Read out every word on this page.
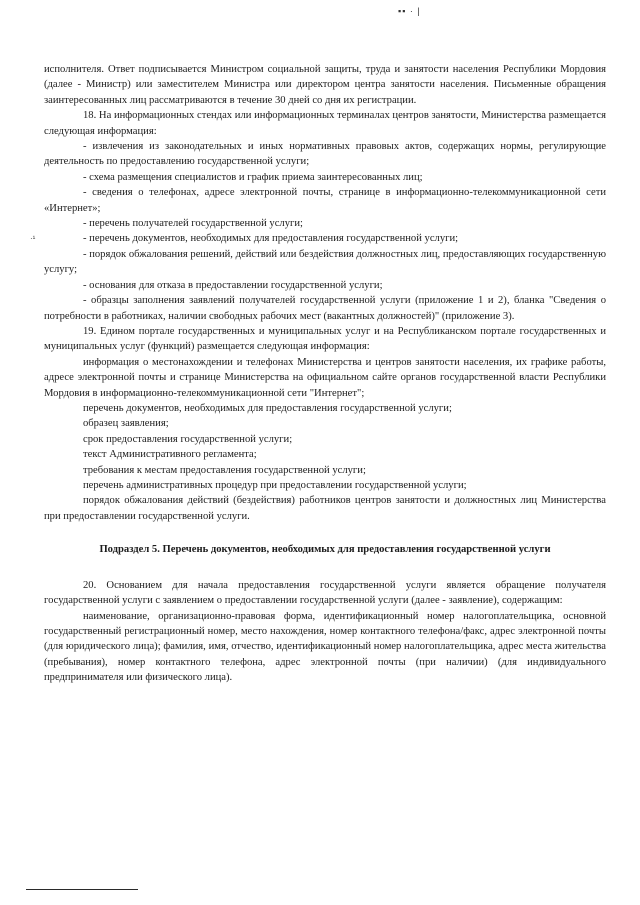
▪▪ · |
·¹

исполнителя. Ответ подписывается Министром социальной защиты, труда и занятости населения Республики Мордовия (далее - Министр) или заместителем Министра или директором центра занятости населения. Письменные обращения заинтересованных лиц рассматриваются в течение 30 дней со дня их регистрации.

18. На информационных стендах или информационных терминалах центров занятости, Министерства размещается следующая информация:

- извлечения из законодательных и иных нормативных правовых актов, содержащих нормы, регулирующие деятельность по предоставлению государственной услуги;

- схема размещения специалистов и график приема заинтересованных лиц;

- сведения о телефонах, адресе электронной почты, странице в информационно-телекоммуникационной сети «Интернет»;

- перечень получателей государственной услуги;

- перечень документов, необходимых для предоставления государственной услуги;

- порядок обжалования решений, действий или бездействия должностных лиц, предоставляющих государственную услугу;

- основания для отказа в предоставлении государственной услуги;

- образцы заполнения заявлений получателей государственной услуги (приложение 1 и 2), бланка "Сведения о потребности в работниках, наличии свободных рабочих мест (вакантных должностей)" (приложение 3).

19. Едином портале государственных и муниципальных услуг и на Республиканском портале государственных и муниципальных услуг (функций) размещается следующая информация:

информация о местонахождении и телефонах Министерства и центров занятости населения, их графике работы, адресе электронной почты и странице Министерства на официальном сайте органов государственной власти Республики Мордовия в информационно-телекоммуникационной сети "Интернет";

перечень документов, необходимых для предоставления государственной услуги;

образец заявления;

срок предоставления государственной услуги;

текст Административного регламента;

требования к местам предоставления государственной услуги;

перечень административных процедур при предоставлении государственной услуги;

порядок обжалования действий (бездействия) работников центров занятости и должностных лиц Министерства при предоставлении государственной услуги.

Подраздел 5. Перечень документов, необходимых для предоставления государственной услуги

20. Основанием для начала предоставления государственной услуги является обращение получателя государственной услуги с заявлением о предоставлении государственной услуги (далее - заявление), содержащим:

наименование, организационно-правовая форма, идентификационный номер налогоплательщика, основной государственный регистрационный номер, место нахождения, номер контактного телефона/факс, адрес электронной почты (для юридического лица); фамилия, имя, отчество, идентификационный номер налогоплательщика, адрес места жительства (пребывания), номер контактного телефона, адрес электронной почты (при наличии) (для индивидуального предпринимателя или физического лица).
